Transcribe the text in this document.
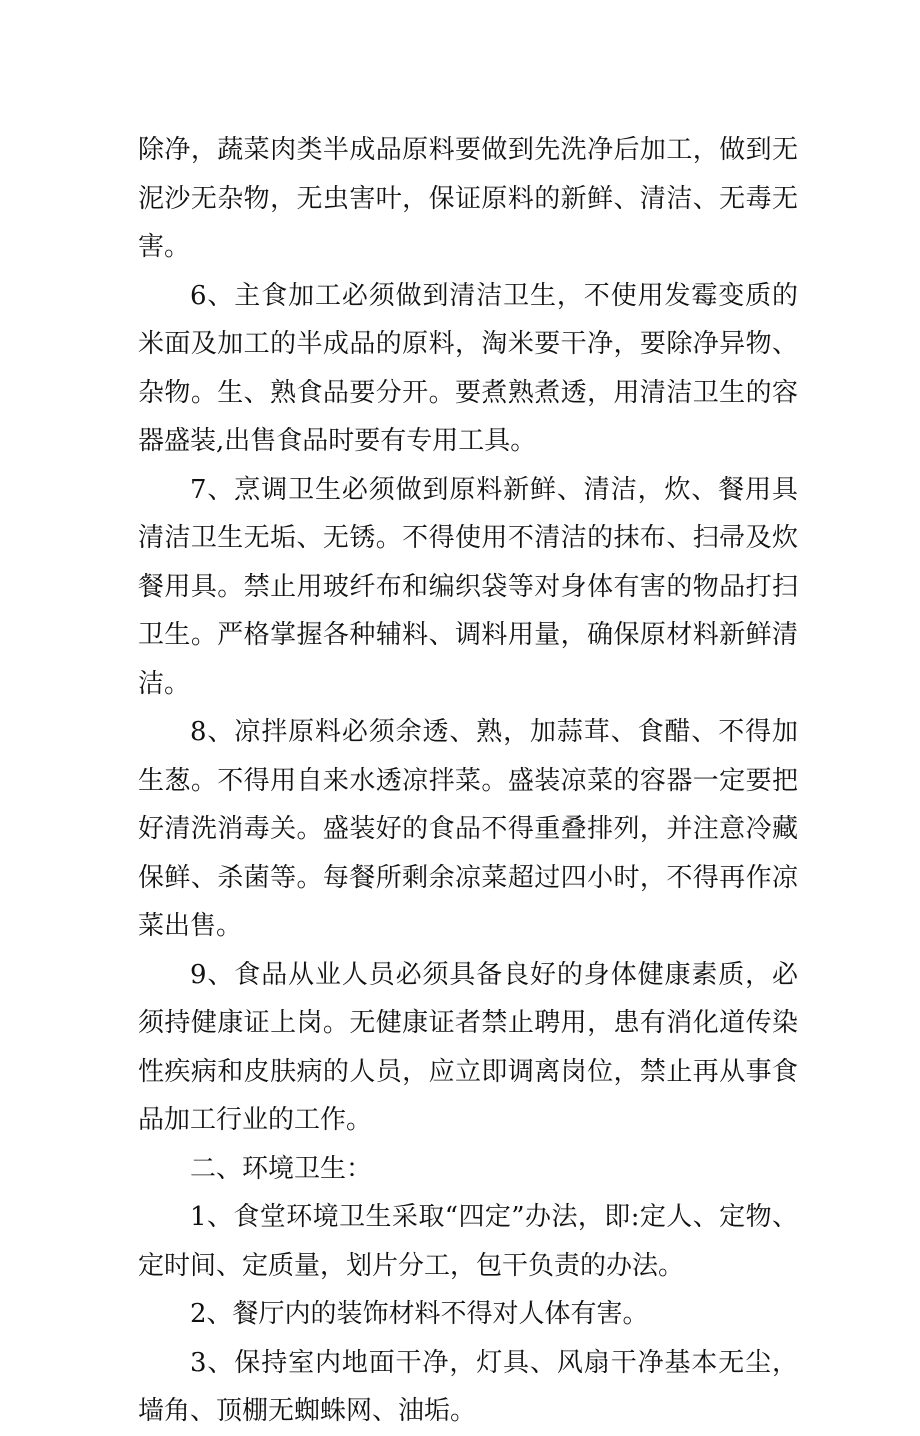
除净，蔬菜肉类半成品原料要做到先洗净后加工，做到无泥沙无杂物，无虫害叶，保证原料的新鲜、清洁、无毒无害。

6、主食加工必须做到清洁卫生，不使用发霉变质的米面及加工的半成品的原料，淘米要干净，要除净异物、杂物。生、熟食品要分开。要煮熟煮透，用清洁卫生的容器盛装,出售食品时要有专用工具。

7、烹调卫生必须做到原料新鲜、清洁，炊、餐用具清洁卫生无垢、无锈。不得使用不清洁的抹布、扫帚及炊餐用具。禁止用玻纤布和编织袋等对身体有害的物品打扫卫生。严格掌握各种辅料、调料用量，确保原材料新鲜清洁。

8、凉拌原料必须余透、熟，加蒜茸、食醋、不得加生葱。不得用自来水透凉拌菜。盛装凉菜的容器一定要把好清洗消毒关。盛装好的食品不得重叠排列，并注意冷藏保鲜、杀菌等。每餐所剩余凉菜超过四小时，不得再作凉菜出售。

9、食品从业人员必须具备良好的身体健康素质，必须持健康证上岗。无健康证者禁止聘用，患有消化道传染性疾病和皮肤病的人员，应立即调离岗位，禁止再从事食品加工行业的工作。

二、环境卫生：

1、食堂环境卫生采取“四定”办法，即:定人、定物、定时间、定质量，划片分工，包干负责的办法。

2、餐厅内的装饰材料不得对人体有害。

3、保持室内地面干净，灯具、风扇干净基本无尘，墙角、顶棚无蜘蛛网、油垢。
